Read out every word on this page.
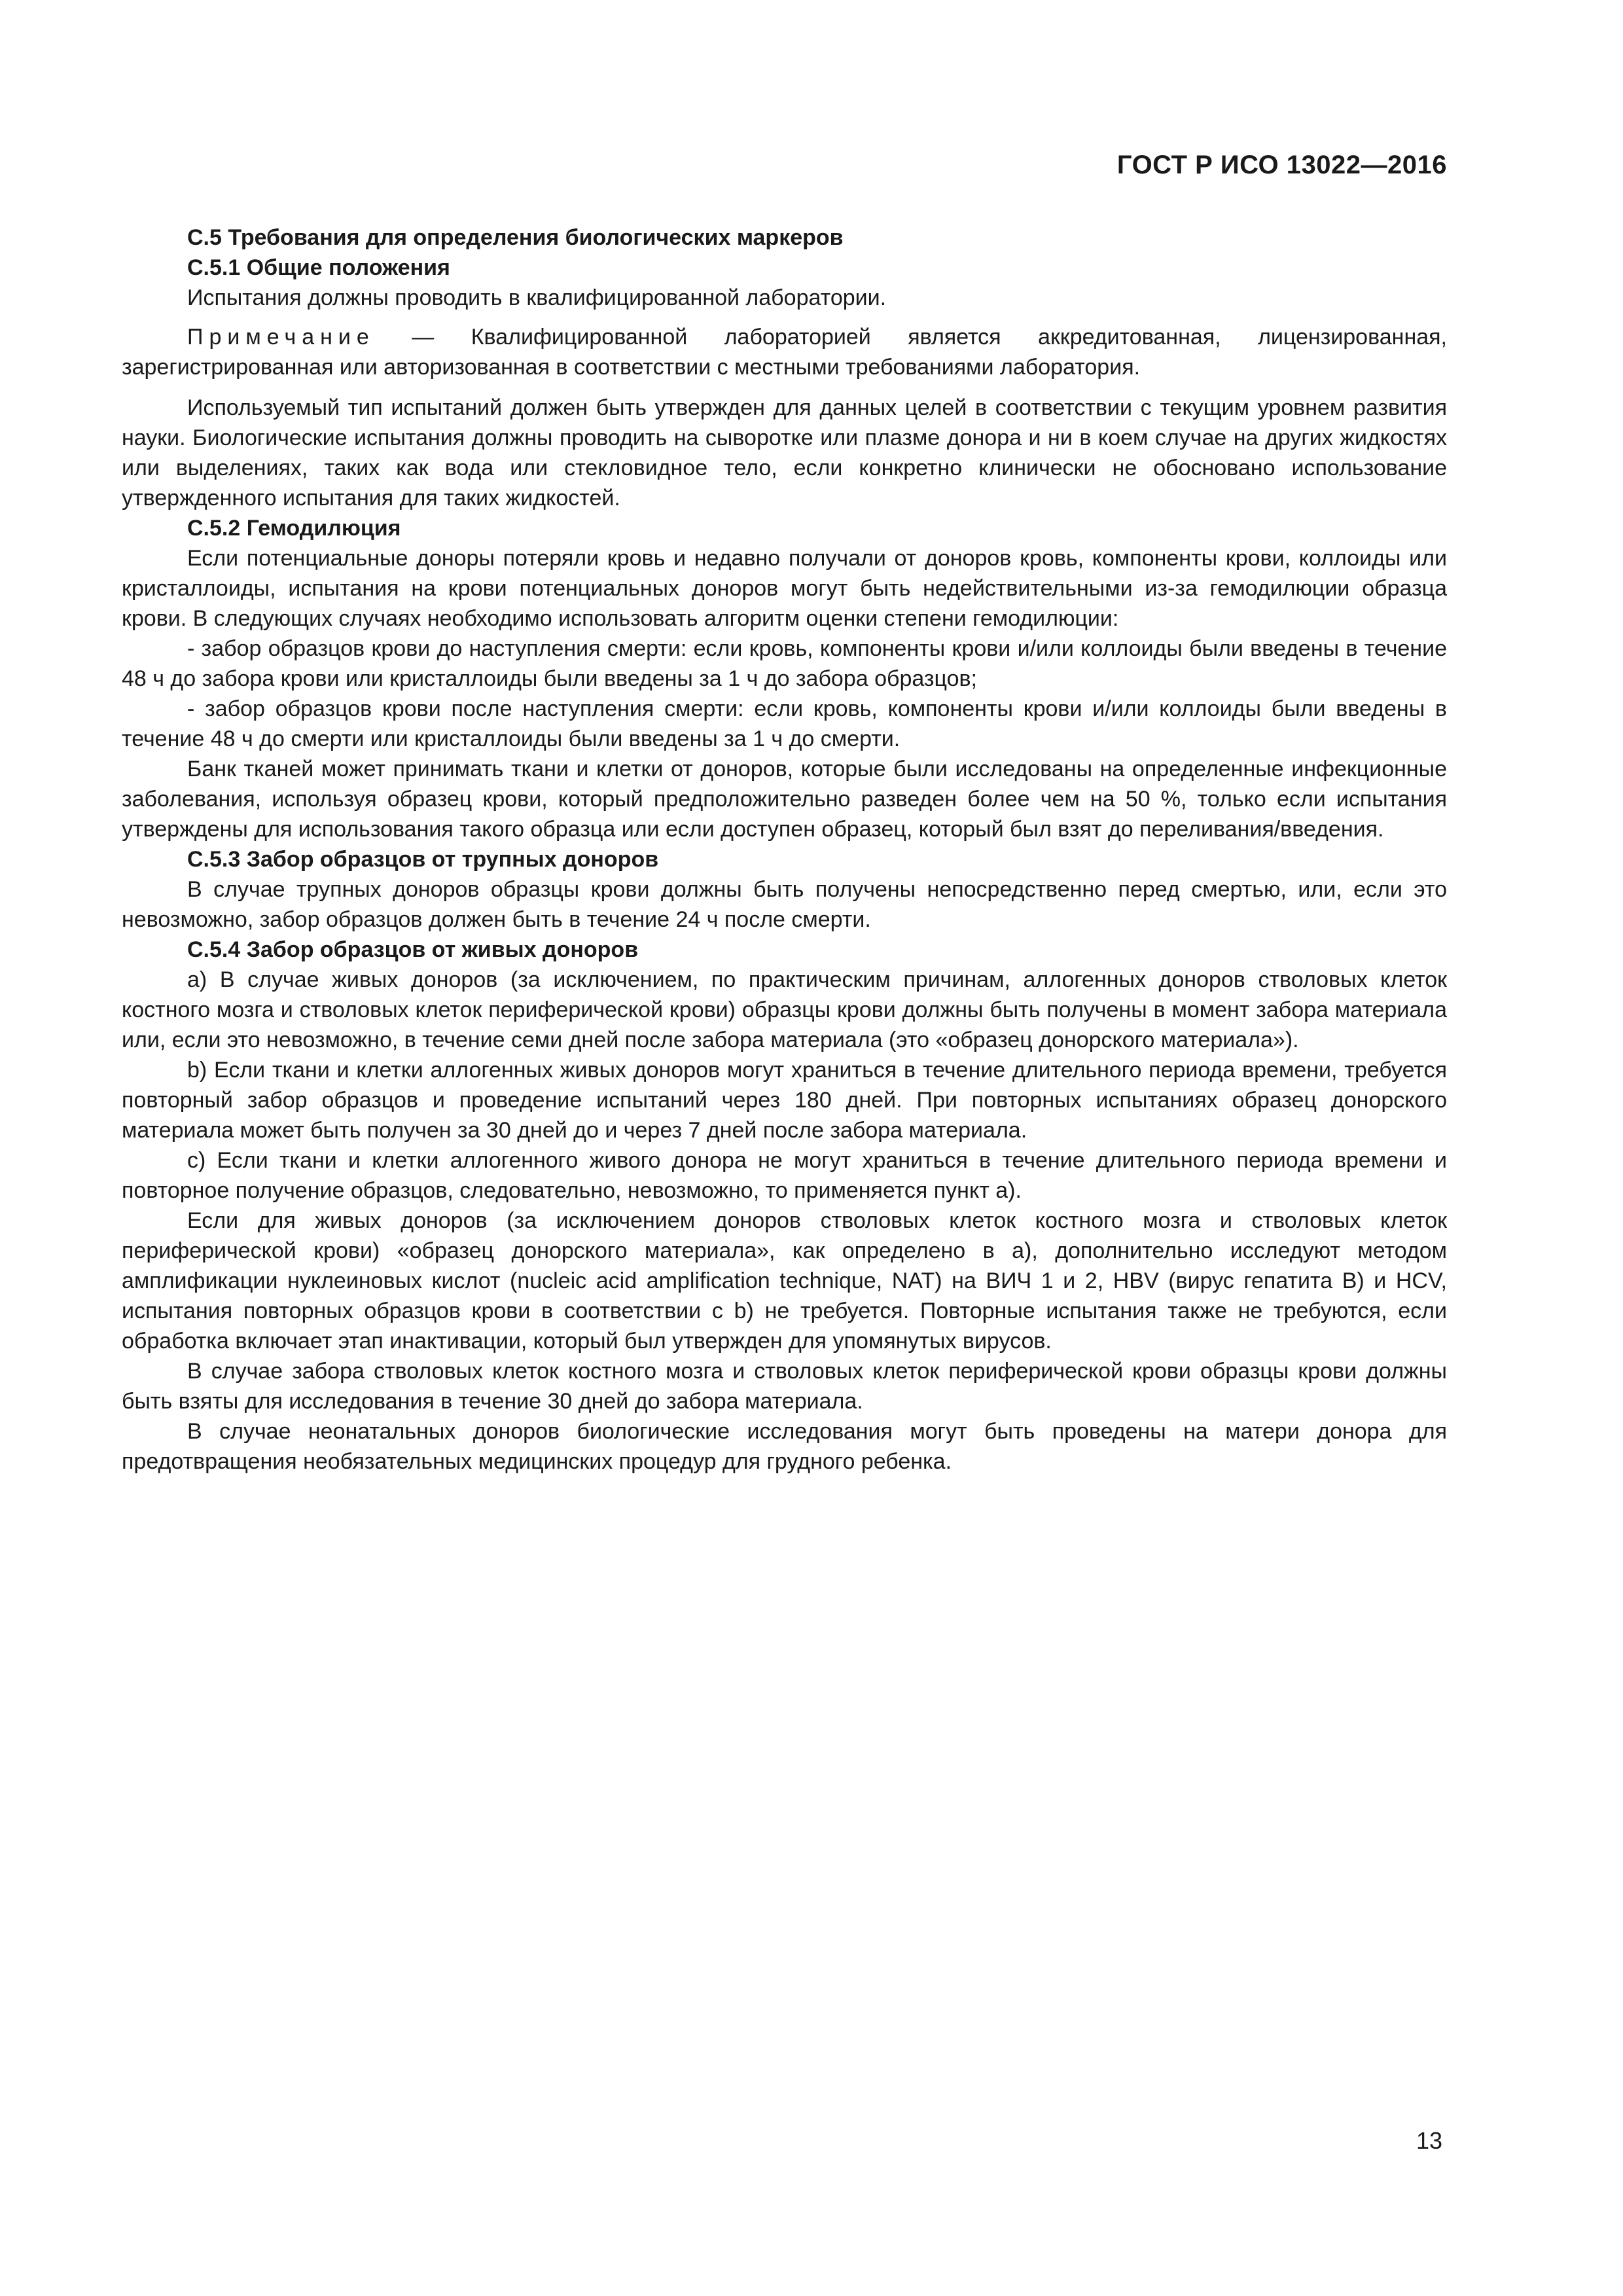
ГОСТ Р ИСО 13022—2016

С.5 Требования для определения биологических маркеров

С.5.1 Общие положения

Испытания должны проводить в квалифицированной лаборатории.

Примечание — Квалифицированной лабораторией является аккредитованная, лицензированная, зарегистрированная или авторизованная в соответствии с местными требованиями лаборатория.

Используемый тип испытаний должен быть утвержден для данных целей в соответствии с текущим уровнем развития науки. Биологические испытания должны проводить на сыворотке или плазме донора и ни в коем случае на других жидкостях или выделениях, таких как вода или стекловидное тело, если конкретно клинически не обосновано использование утвержденного испытания для таких жидкостей.

С.5.2 Гемодилюция

Если потенциальные доноры потеряли кровь и недавно получали от доноров кровь, компоненты крови, коллоиды или кристаллоиды, испытания на крови потенциальных доноров могут быть недействительными из-за гемодилюции образца крови. В следующих случаях необходимо использовать алгоритм оценки степени гемодилюции:

- забор образцов крови до наступления смерти: если кровь, компоненты крови и/или коллоиды были введены в течение 48 ч до забора крови или кристаллоиды были введены за 1 ч до забора образцов;

- забор образцов крови после наступления смерти: если кровь, компоненты крови и/или коллоиды были введены в течение 48 ч до смерти или кристаллоиды были введены за 1 ч до смерти.

Банк тканей может принимать ткани и клетки от доноров, которые были исследованы на определенные инфекционные заболевания, используя образец крови, который предположительно разведен более чем на 50 %, только если испытания утверждены для использования такого образца или если доступен образец, который был взят до переливания/введения.

С.5.3 Забор образцов от трупных доноров

В случае трупных доноров образцы крови должны быть получены непосредственно перед смертью, или, если это невозможно, забор образцов должен быть в течение 24 ч после смерти.

С.5.4 Забор образцов от живых доноров

а) В случае живых доноров (за исключением, по практическим причинам, аллогенных доноров стволовых клеток костного мозга и стволовых клеток периферической крови) образцы крови должны быть получены в момент забора материала или, если это невозможно, в течение семи дней после забора материала (это «образец донорского материала»).

b) Если ткани и клетки аллогенных живых доноров могут храниться в течение длительного периода времени, требуется повторный забор образцов и проведение испытаний через 180 дней. При повторных испытаниях образец донорского материала может быть получен за 30 дней до и через 7 дней после забора материала.

с) Если ткани и клетки аллогенного живого донора не могут храниться в течение длительного периода времени и повторное получение образцов, следовательно, невозможно, то применяется пункт а).

Если для живых доноров (за исключением доноров стволовых клеток костного мозга и стволовых клеток периферической крови) «образец донорского материала», как определено в а), дополнительно исследуют методом амплификации нуклеиновых кислот (nucleic acid amplification technique, NAT) на ВИЧ 1 и 2, HBV (вирус гепатита В) и HCV, испытания повторных образцов крови в соответствии с b) не требуется. Повторные испытания также не требуются, если обработка включает этап инактивации, который был утвержден для упомянутых вирусов.

В случае забора стволовых клеток костного мозга и стволовых клеток периферической крови образцы крови должны быть взяты для исследования в течение 30 дней до забора материала.

В случае неонатальных доноров биологические исследования могут быть проведены на матери донора для предотвращения необязательных медицинских процедур для грудного ребенка.

13
